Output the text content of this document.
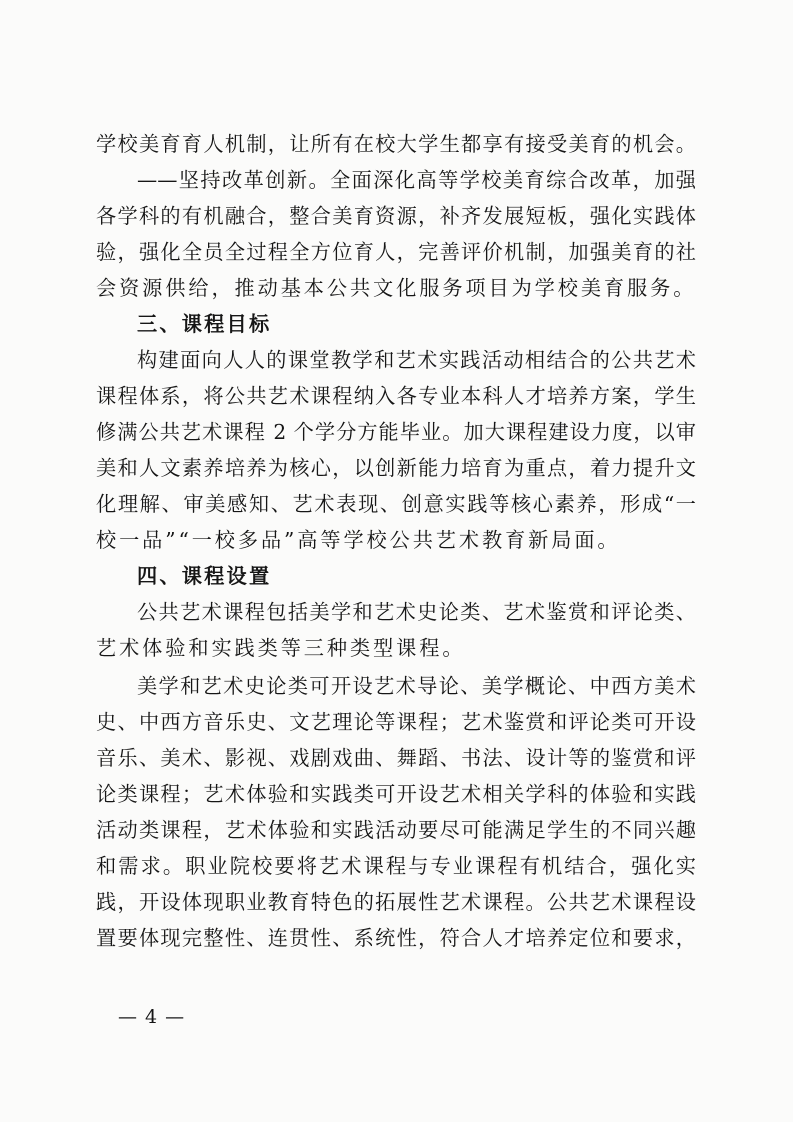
学校美育育人机制，让所有在校大学生都享有接受美育的机会。
——坚持改革创新。全面深化高等学校美育综合改革，加强
各学科的有机融合，整合美育资源，补齐发展短板，强化实践体
验，强化全员全过程全方位育人，完善评价机制，加强美育的社
会资源供给，推动基本公共文化服务项目为学校美育服务。
三、课程目标
构建面向人人的课堂教学和艺术实践活动相结合的公共艺术
课程体系，将公共艺术课程纳入各专业本科人才培养方案，学生
修满公共艺术课程 2 个学分方能毕业。加大课程建设力度，以审
美和人文素养培养为核心，以创新能力培育为重点，着力提升文
化理解、审美感知、艺术表现、创意实践等核心素养，形成“一
校一品”“一校多品”高等学校公共艺术教育新局面。
四、课程设置
公共艺术课程包括美学和艺术史论类、艺术鉴赏和评论类、
艺术体验和实践类等三种类型课程。
美学和艺术史论类可开设艺术导论、美学概论、中西方美术
史、中西方音乐史、文艺理论等课程；艺术鉴赏和评论类可开设
音乐、美术、影视、戏剧戏曲、舞蹈、书法、设计等的鉴赏和评
论类课程；艺术体验和实践类可开设艺术相关学科的体验和实践
活动类课程，艺术体验和实践活动要尽可能满足学生的不同兴趣
和需求。职业院校要将艺术课程与专业课程有机结合，强化实
践，开设体现职业教育特色的拓展性艺术课程。公共艺术课程设
置要体现完整性、连贯性、系统性，符合人才培养定位和要求，
— 4 —
